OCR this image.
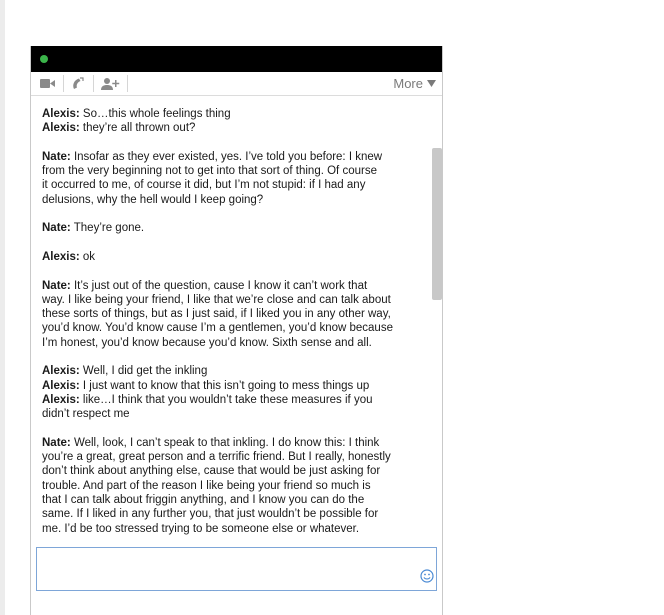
More
Alexis: So…this whole feelings thing
Alexis: they’re all thrown out?
Nate: Insofar as they ever existed, yes. I’ve told you before: I knew
from the very beginning not to get into that sort of thing. Of course
it occurred to me, of course it did, but I’m not stupid: if I had any
delusions, why the hell would I keep going?
Nate: They’re gone.
Alexis: ok
Nate: It’s just out of the question, cause I know it can’t work that
way. I like being your friend, I like that we’re close and can talk about
these sorts of things, but as I just said, if I liked you in any other way,
you’d know. You’d know cause I’m a gentlemen, you’d know because
I’m honest, you’d know because you’d know. Sixth sense and all.
Alexis: Well, I did get the inkling
Alexis: I just want to know that this isn’t going to mess things up
Alexis: like…I think that you wouldn’t take these measures if you
didn’t respect me
Nate: Well, look, I can’t speak to that inkling. I do know this: I think
you’re a great, great person and a terrific friend. But I really, honestly
don’t think about anything else, cause that would be just asking for
trouble. And part of the reason I like being your friend so much is
that I can talk about friggin anything, and I know you can do the
same. If I liked in any further you, that just wouldn’t be possible for
me. I’d be too stressed trying to be someone else or whatever.
